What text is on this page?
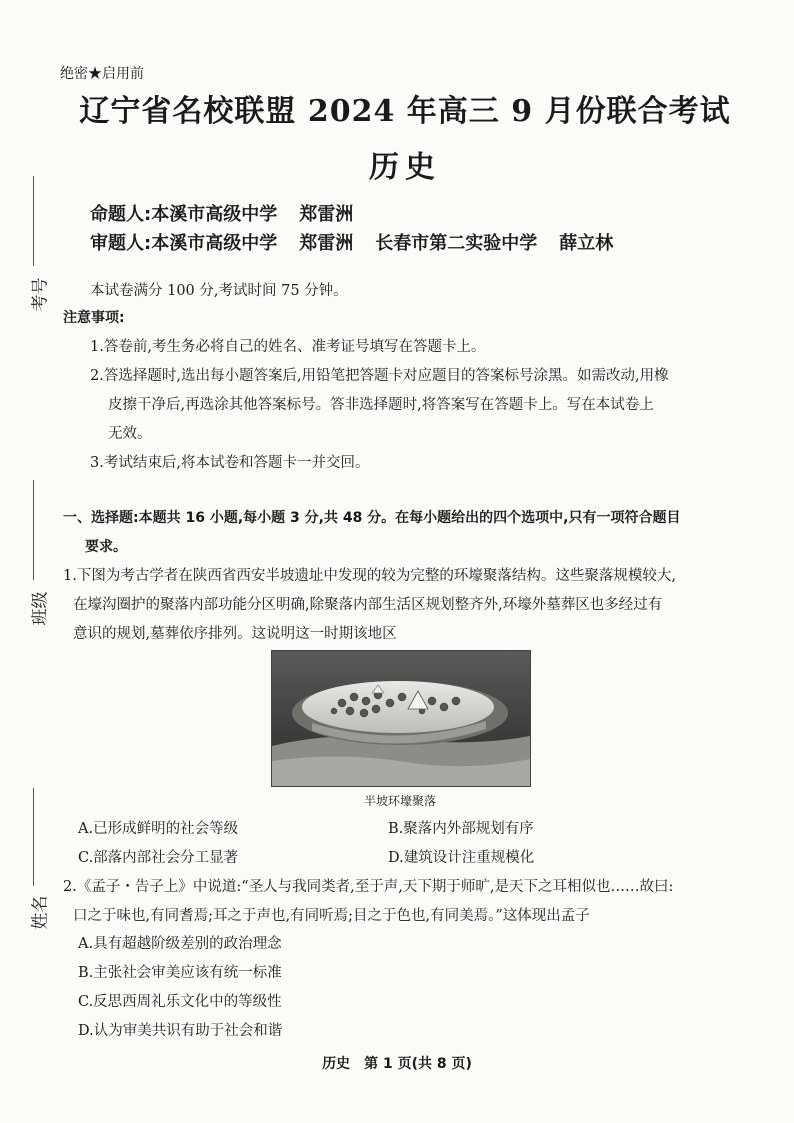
绝密★启用前
辽宁省名校联盟 2024 年高三 9 月份联合考试
历史
命题人:本溪市高级中学 郑雷洲
审题人:本溪市高级中学 郑雷洲 长春市第二实验中学 薛立林
考号
班级
姓名
本试卷满分 100 分,考试时间 75 分钟。
注意事项:
1.答卷前,考生务必将自己的姓名、准考证号填写在答题卡上。
2.答选择题时,选出每小题答案后,用铅笔把答题卡对应题目的答案标号涂黑。如需改动,用橡
皮擦干净后,再选涂其他答案标号。答非选择题时,将答案写在答题卡上。写在本试卷上
无效。
3.考试结束后,将本试卷和答题卡一并交回。
一、选择题:本题共 16 小题,每小题 3 分,共 48 分。在每小题给出的四个选项中,只有一项符合题目
要求。
1.下图为考古学者在陕西省西安半坡遗址中发现的较为完整的环壕聚落结构。这些聚落规模较大,
在壕沟圈护的聚落内部功能分区明确,除聚落内部生活区规划整齐外,环壕外墓葬区也多经过有
意识的规划,墓葬依序排列。这说明这一时期该地区
半坡环壕聚落
A.已形成鲜明的社会等级	B.聚落内外部规划有序
C.部落内部社会分工显著	D.建筑设计注重规模化
2.《孟子・告子上》中说道:“圣人与我同类者,至于声,天下期于师旷,是天下之耳相似也……故曰:
口之于味也,有同耆焉;耳之于声也,有同听焉;目之于色也,有同美焉。”这体现出孟子
A.具有超越阶级差别的政治理念
B.主张社会审美应该有统一标准
C.反思西周礼乐文化中的等级性
D.认为审美共识有助于社会和谐
历史　第 1 页(共 8 页)
